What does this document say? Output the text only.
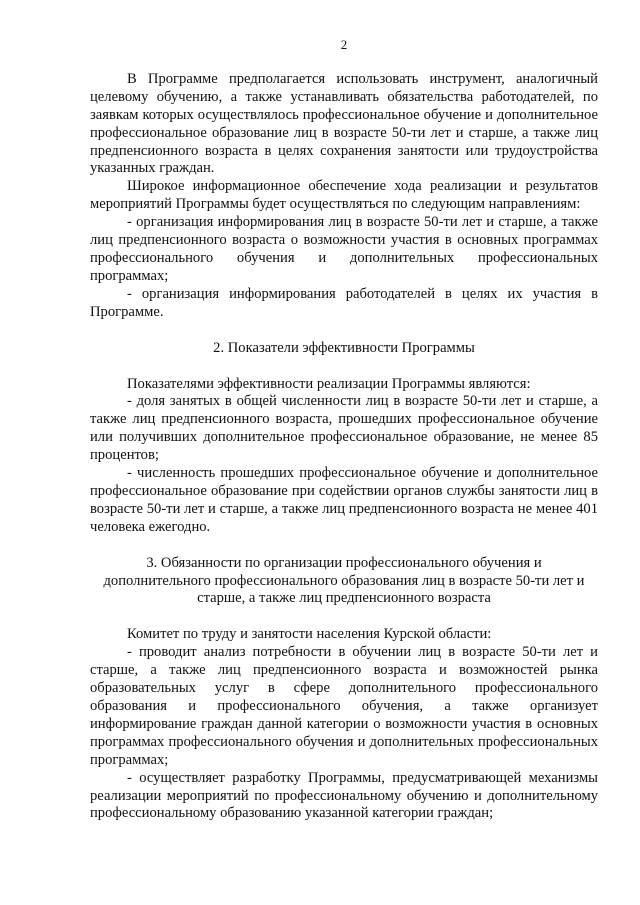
2

В Программе предполагается использовать инструмент, аналогичный целевому обучению, а также устанавливать обязательства работодателей, по заявкам которых осуществлялось профессиональное обучение и дополнительное профессиональное образование лиц в возрасте 50-ти лет и старше, а также лиц предпенсионного возраста в целях сохранения занятости или трудоустройства указанных граждан.

Широкое информационное обеспечение хода реализации и результатов мероприятий Программы будет осуществляться по следующим направлениям:

- организация информирования лиц в возрасте 50-ти лет и старше, а также лиц предпенсионного возраста о возможности участия в основных программах профессионального обучения и дополнительных профессиональных программах;

- организация информирования работодателей в целях их участия в Программе.

2. Показатели эффективности Программы

Показателями эффективности реализации Программы являются:

- доля занятых в общей численности лиц в возрасте 50-ти лет и старше, а также лиц предпенсионного возраста, прошедших профессиональное обучение или получивших дополнительное профессиональное образование, не менее 85 процентов;

- численность прошедших профессиональное обучение и дополнительное профессиональное образование при содействии органов службы занятости лиц в возрасте 50-ти лет и старше, а также лиц предпенсионного возраста не менее 401 человека ежегодно.

3. Обязанности по организации профессионального обучения и

дополнительного профессионального образования лиц в возрасте 50-ти лет и

старше, а также лиц предпенсионного возраста

Комитет по труду и занятости населения Курской области:

- проводит анализ потребности в обучении лиц в возрасте 50-ти лет и старше, а также лиц предпенсионного возраста и возможностей рынка образовательных услуг в сфере дополнительного профессионального образования и профессионального обучения, а также организует информирование граждан данной категории о возможности участия в основных программах профессионального обучения и дополнительных профессиональных программах;

- осуществляет разработку Программы, предусматривающей механизмы реализации мероприятий по профессиональному обучению и дополнительному профессиональному образованию указанной категории граждан;
